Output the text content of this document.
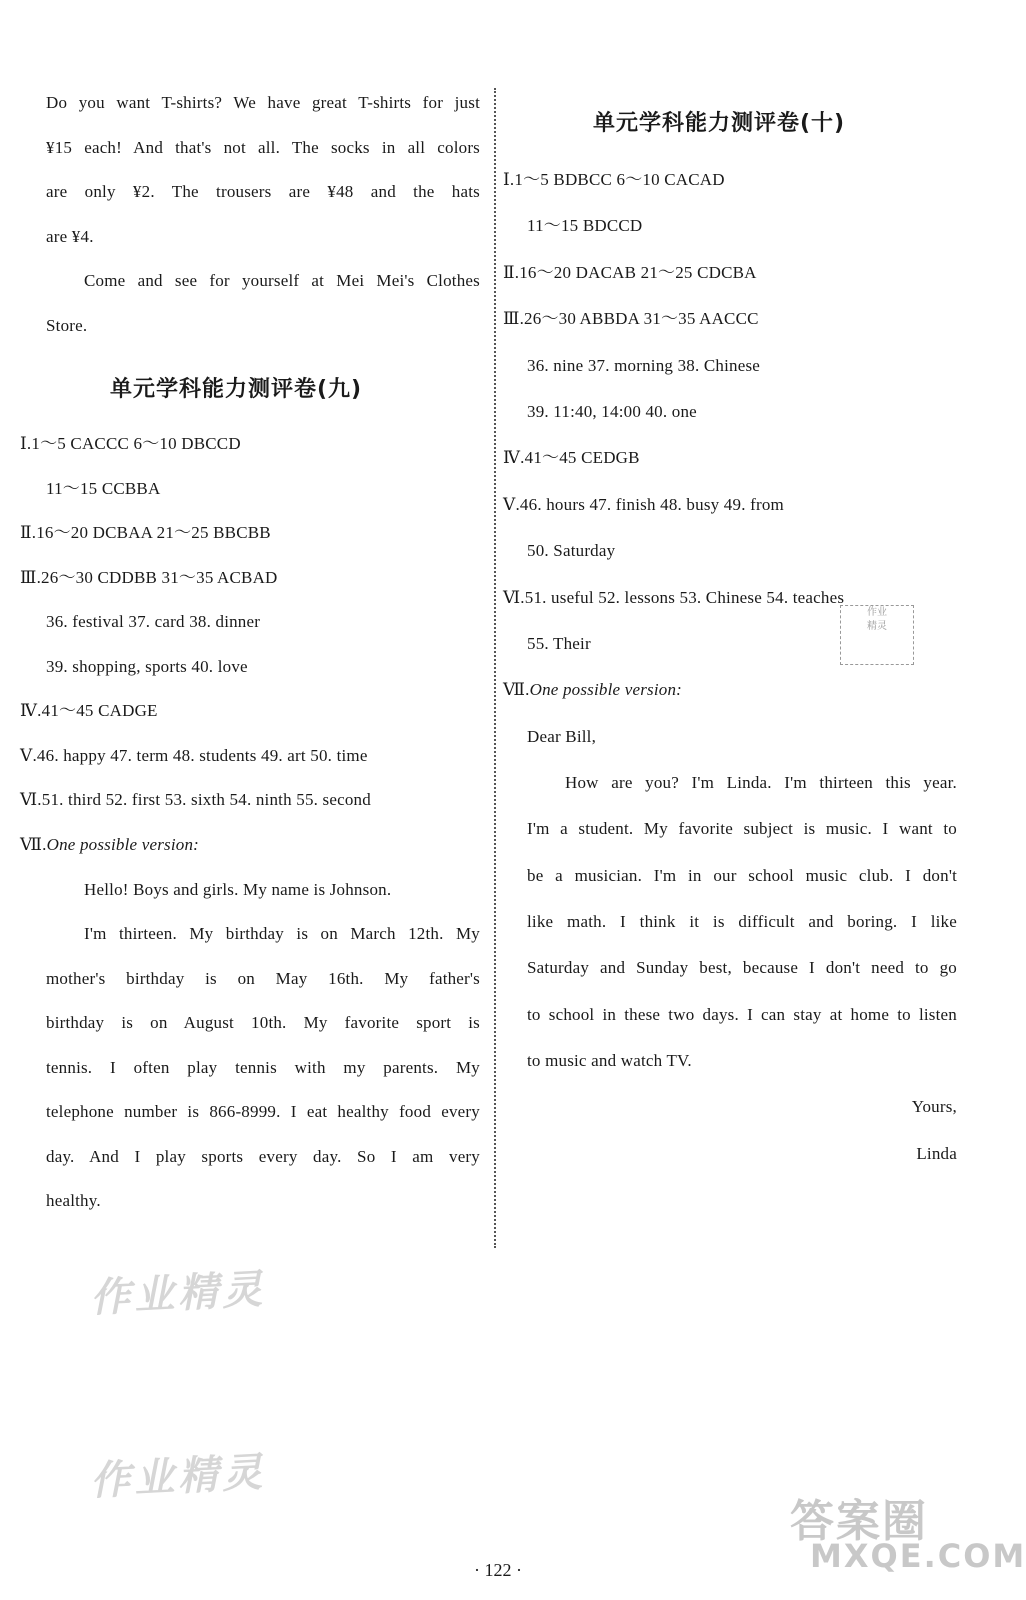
Do you want T-shirts? We have great T-shirts for just
¥15 each! And that's not all. The socks in all colors
are only ¥2. The trousers are ¥48 and the hats
are ¥4.
Come and see for yourself at Mei Mei's Clothes
Store.
单元学科能力测评卷(九)
Ⅰ.1～5 CACCC 6～10 DBCCD
11～15 CCBBA
Ⅱ.16～20 DCBAA 21～25 BBCBB
Ⅲ.26～30 CDDBB 31～35 ACBAD
36. festival 37. card 38. dinner
39. shopping, sports 40. love
Ⅳ.41～45 CADGE
Ⅴ.46. happy 47. term 48. students 49. art 50. time
Ⅵ.51. third 52. first 53. sixth 54. ninth 55. second
Ⅶ.One possible version:
Hello! Boys and girls. My name is Johnson.
I'm thirteen. My birthday is on March 12th. My
mother's birthday is on May 16th. My father's
birthday is on August 10th. My favorite sport is
tennis. I often play tennis with my parents. My
telephone number is 866-8999. I eat healthy food every
day. And I play sports every day. So I am very
healthy.
单元学科能力测评卷(十)
Ⅰ.1～5 BDBCC 6～10 CACAD
11～15 BDCCD
Ⅱ.16～20 DACAB 21～25 CDCBA
Ⅲ.26～30 ABBDA 31～35 AACCC
36. nine 37. morning 38. Chinese
39. 11:40, 14:00 40. one
Ⅳ.41～45 CEDGB
Ⅴ.46. hours 47. finish 48. busy 49. from
50. Saturday
Ⅵ.51. useful 52. lessons 53. Chinese 54. teaches
55. Their
Ⅶ.One possible version:
Dear Bill,
How are you? I'm Linda. I'm thirteen this year.
I'm a student. My favorite subject is music. I want to
be a musician. I'm in our school music club. I don't
like math. I think it is difficult and boring. I like
Saturday and Sunday best, because I don't need to go
to school in these two days. I can stay at home to listen
to music and watch TV.
Yours,
Linda
作业精灵
作业精灵
作业
精灵
答案圈
MXQE.COM
· 122 ·
